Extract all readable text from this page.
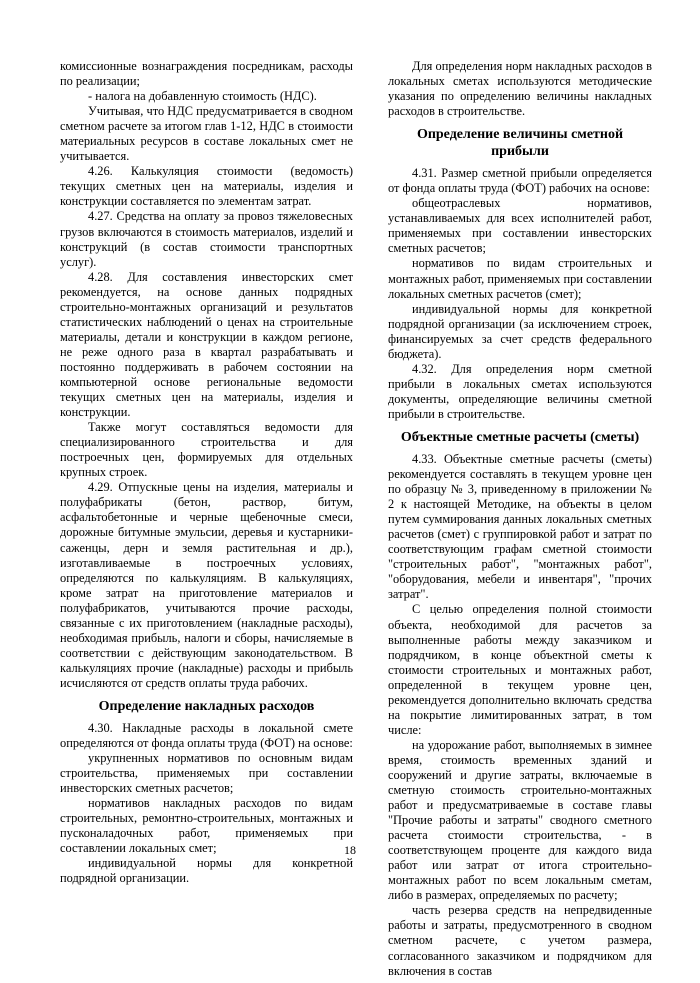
комиссионные вознаграждения посредникам, расходы по реализации;

- налога на добавленную стоимость (НДС).

Учитывая, что НДС предусматривается в сводном сметном расчете за итогом глав 1-12, НДС в стоимости материальных ресурсов в составе локальных смет не учитывается.

4.26. Калькуляция стоимости (ведомость) текущих сметных цен на материалы, изделия и конструкции составляется по элементам затрат.

4.27. Средства на оплату за провоз тяжеловесных грузов включаются в стоимость материалов, изделий и конструкций (в состав стоимости транспортных услуг).

4.28. Для составления инвесторских смет рекомендуется, на основе данных подрядных строительно-монтажных организаций и результатов статистических наблюдений о ценах на строительные материалы, детали и конструкции в каждом регионе, не реже одного раза в квартал разрабатывать и постоянно поддерживать в рабочем состоянии на компьютерной основе региональные ведомости текущих сметных цен на материалы, изделия и конструкции.

Также могут составляться ведомости для специализированного строительства и для построечных цен, формируемых для отдельных крупных строек.

4.29. Отпускные цены на изделия, материалы и полуфабрикаты (бетон, раствор, битум, асфальтобетонные и черные щебеночные смеси, дорожные битумные эмульсии, деревья и кустарники-саженцы, дерн и земля растительная и др.), изготавливаемые в построечных условиях, определяются по калькуляциям. В калькуляциях, кроме затрат на приготовление материалов и полуфабрикатов, учитываются прочие расходы, связанные с их приготовлением (накладные расходы), необходимая прибыль, налоги и сборы, начисляемые в соответствии с действующим законодательством. В калькуляциях прочие (накладные) расходы и прибыль исчисляются от средств оплаты труда рабочих.

Определение накладных расходов

4.30. Накладные расходы в локальной смете определяются от фонда оплаты труда (ФОТ) на основе:

укрупненных нормативов по основным видам строительства, применяемых при составлении инвесторских сметных расчетов;

нормативов накладных расходов по видам строительных, ремонтно-строительных, монтажных и пусконаладочных работ, применяемых при составлении локальных смет;

индивидуальной нормы для конкретной подрядной организации.

Для определения норм накладных расходов в локальных сметах используются методические указания по определению величины накладных расходов в строительстве.

Определение величины сметной прибыли

4.31. Размер сметной прибыли определяется от фонда оплаты труда (ФОТ) рабочих на основе:

общеотраслевых нормативов, устанавливаемых для всех исполнителей работ, применяемых при составлении инвесторских сметных расчетов;

нормативов по видам строительных и монтажных работ, применяемых при составлении локальных сметных расчетов (смет);

индивидуальной нормы для конкретной подрядной организации (за исключением строек, финансируемых за счет средств федерального бюджета).

4.32. Для определения норм сметной прибыли в локальных сметах используются документы, определяющие величины сметной прибыли в строительстве.

Объектные сметные расчеты (сметы)

4.33. Объектные сметные расчеты (сметы) рекомендуется составлять в текущем уровне цен по образцу № 3, приведенному в приложении № 2 к настоящей Методике, на объекты в целом путем суммирования данных локальных сметных расчетов (смет) с группировкой работ и затрат по соответствующим графам сметной стоимости "строительных работ", "монтажных работ", "оборудования, мебели и инвентаря", "прочих затрат".

С целью определения полной стоимости объекта, необходимой для расчетов за выполненные работы между заказчиком и подрядчиком, в конце объектной сметы к стоимости строительных и монтажных работ, определенной в текущем уровне цен, рекомендуется дополнительно включать средства на покрытие лимитированных затрат, в том числе:

на удорожание работ, выполняемых в зимнее время, стоимость временных зданий и сооружений и другие затраты, включаемые в сметную стоимость строительно-монтажных работ и предусматриваемые в составе главы "Прочие работы и затраты" сводного сметного расчета стоимости строительства, - в соответствующем проценте для каждого вида работ или затрат от итога строительно-монтажных работ по всем локальным сметам, либо в размерах, определяемых по расчету;

часть резерва средств на непредвиденные работы и затраты, предусмотренного в сводном сметном расчете, с учетом размера, согласованного заказчиком и подрядчиком для включения в состав

18
